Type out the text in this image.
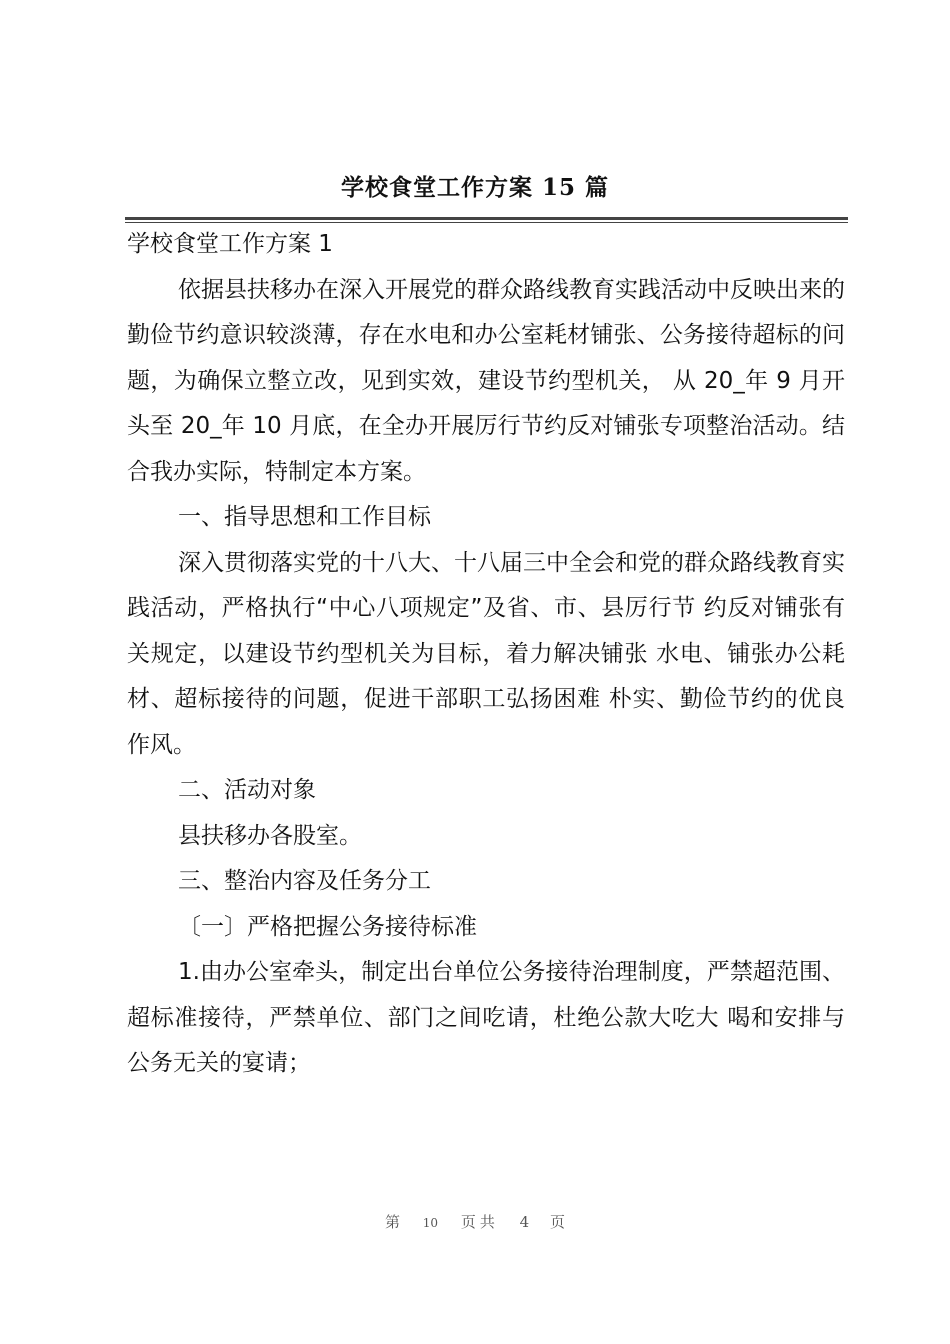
学校食堂工作方案 15 篇

学校食堂工作方案 1

依据县扶移办在深入开展党的群众路线教育实践活动中反映出来的勤俭节约意识较淡薄，存在水电和办公室耗材铺张、公务接待超标的问题，为确保立整立改，见到实效，建设节约型机关， 从 20_年 9 月开头至 20_年 10 月底，在全办开展厉行节约反对铺张专项整治活动。结合我办实际，特制定本方案。

一、指导思想和工作目标

深入贯彻落实党的十八大、十八届三中全会和党的群众路线教育实践活动，严格执行“中心八项规定”及省、市、县厉行节 约反对铺张有关规定，以建设节约型机关为目标，着力解决铺张 水电、铺张办公耗材、超标接待的问题，促进干部职工弘扬困难 朴实、勤俭节约的优良作风。

二、活动对象

县扶移办各股室。

三、整治内容及任务分工

〔一〕严格把握公务接待标准

1.由办公室牵头，制定出台单位公务接待治理制度，严禁超范围、超标准接待，严禁单位、部门之间吃请，杜绝公款大吃大 喝和安排与公务无关的宴请；

第 10 页共 4 页
